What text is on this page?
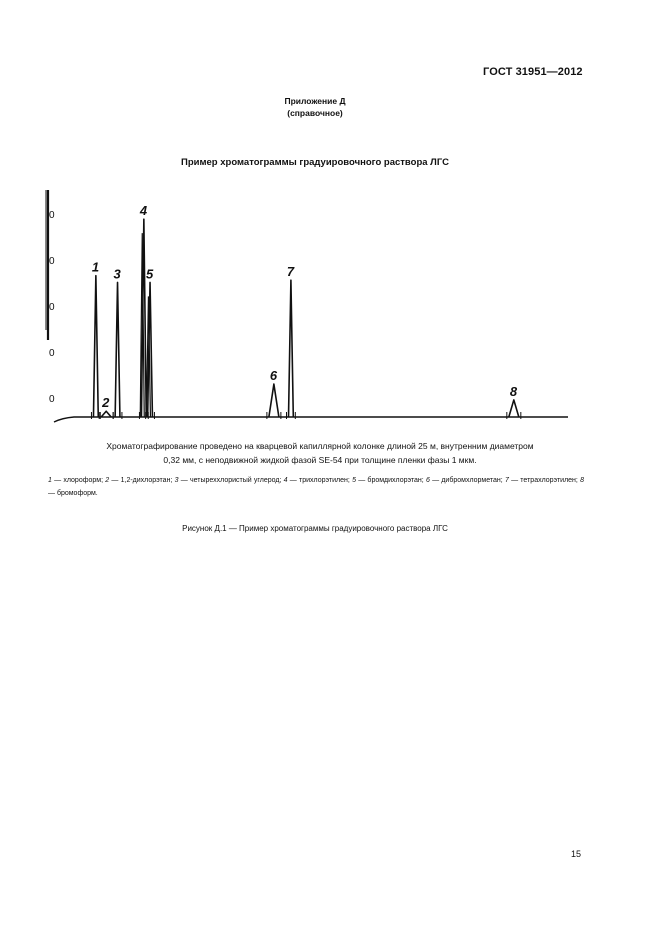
ГОСТ 31951—2012
Приложение Д
(справочное)
Пример хроматограммы градуировочного раствора ЛГС
0
0
0
0
0
1
2
3
4
5
6
7
8
Хроматографирование проведено на кварцевой капиллярной колонке длиной 25 м, внутренним диаметром
0,32 мм, с неподвижной жидкой фазой SE-54 при толщине пленки фазы 1 мкм.
1 — хлороформ; 2 — 1,2-дихлорэтан; 3 — четыреххлористый углерод; 4 — трихлорэтилен; 5 — бромдихлорэтан; 6 — дибромхлорметан; 7 — тетрахлорэтилен; 8 — бромоформ.
Рисунок Д.1 — Пример хроматограммы градуировочного раствора ЛГС
15
